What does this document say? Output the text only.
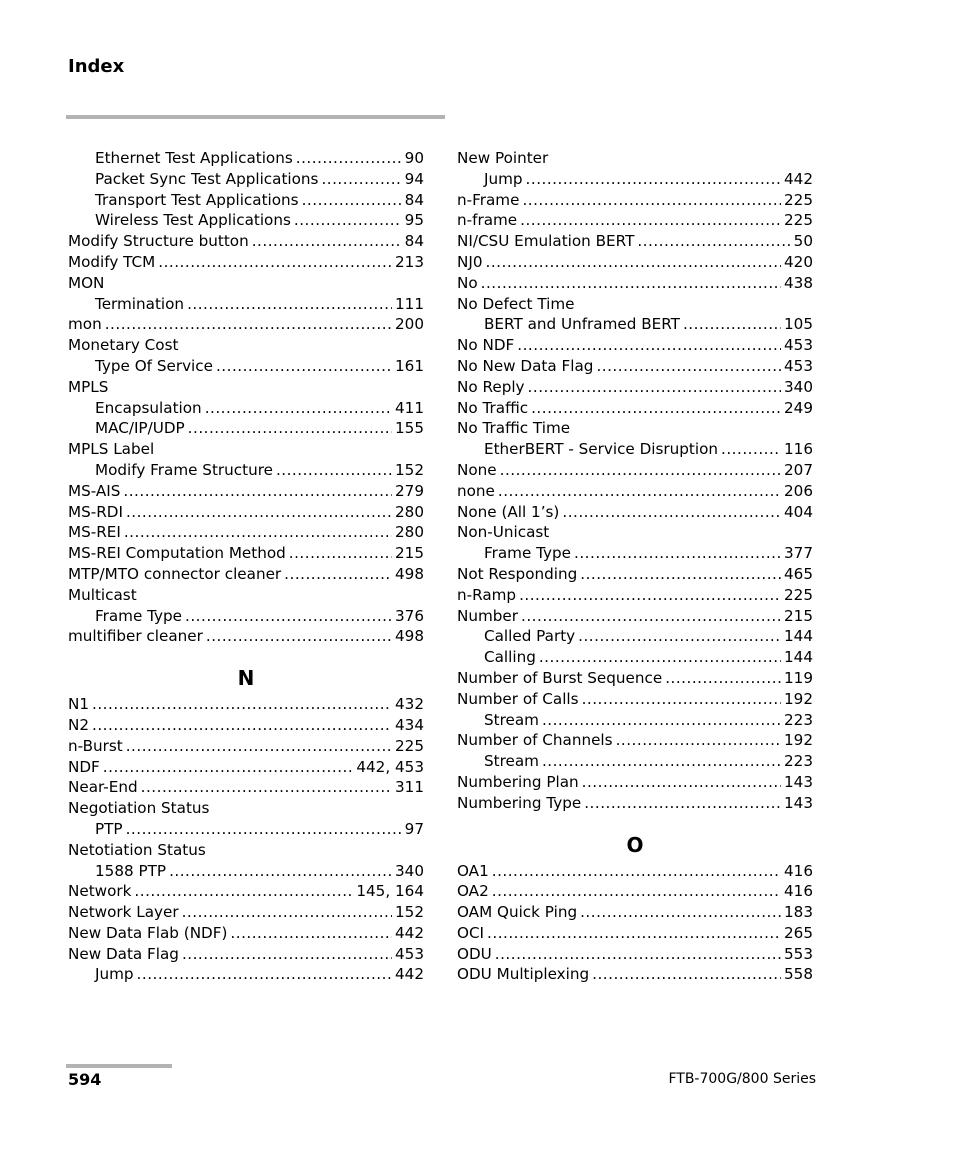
Index
Ethernet Test Applications .....	90
Packet Sync Test Applications .....	94
Transport Test Applications .....	84
Wireless Test Applications .....	95
Modify Structure button .....	84
Modify TCM .....	213
MON
Termination .....	111
mon .....	200
Monetary Cost
Type Of Service .....	161
MPLS
Encapsulation .....	411
MAC/IP/UDP .....	155
MPLS Label
Modify Frame Structure .....	152
MS-AIS .....	279
MS-RDI .....	280
MS-REI .....	280
MS-REI Computation Method .....	215
MTP/MTO connector cleaner .....	498
Multicast
Frame Type .....	376
multifiber cleaner .....	498
N
N1 .....	432
N2 .....	434
n-Burst .....	225
NDF .....	442, 453
Near-End .....	311
Negotiation Status
PTP .....	97
Netotiation Status
1588 PTP .....	340
Network .....	145, 164
Network Layer .....	152
New Data Flab (NDF) .....	442
New Data Flag .....	453
Jump .....	442
New Pointer
Jump .....	442
n-Frame .....	225
n-frame .....	225
NI/CSU Emulation BERT .....	50
NJ0 .....	420
No .....	438
No Defect Time
BERT and Unframed BERT .....	105
No NDF .....	453
No New Data Flag .....	453
No Reply .....	340
No Traffic .....	249
No Traffic Time
EtherBERT - Service Disruption .....	116
None .....	207
none .....	206
None (All 1’s) .....	404
Non-Unicast
Frame Type .....	377
Not Responding .....	465
n-Ramp .....	225
Number .....	215
Called Party .....	144
Calling .....	144
Number of Burst Sequence .....	119
Number of Calls .....	192
Stream .....	223
Number of Channels .....	192
Stream .....	223
Numbering Plan .....	143
Numbering Type .....	143
O
OA1 .....	416
OA2 .....	416
OAM Quick Ping .....	183
OCI .....	265
ODU .....	553
ODU Multiplexing .....	558
594	FTB-700G/800 Series
